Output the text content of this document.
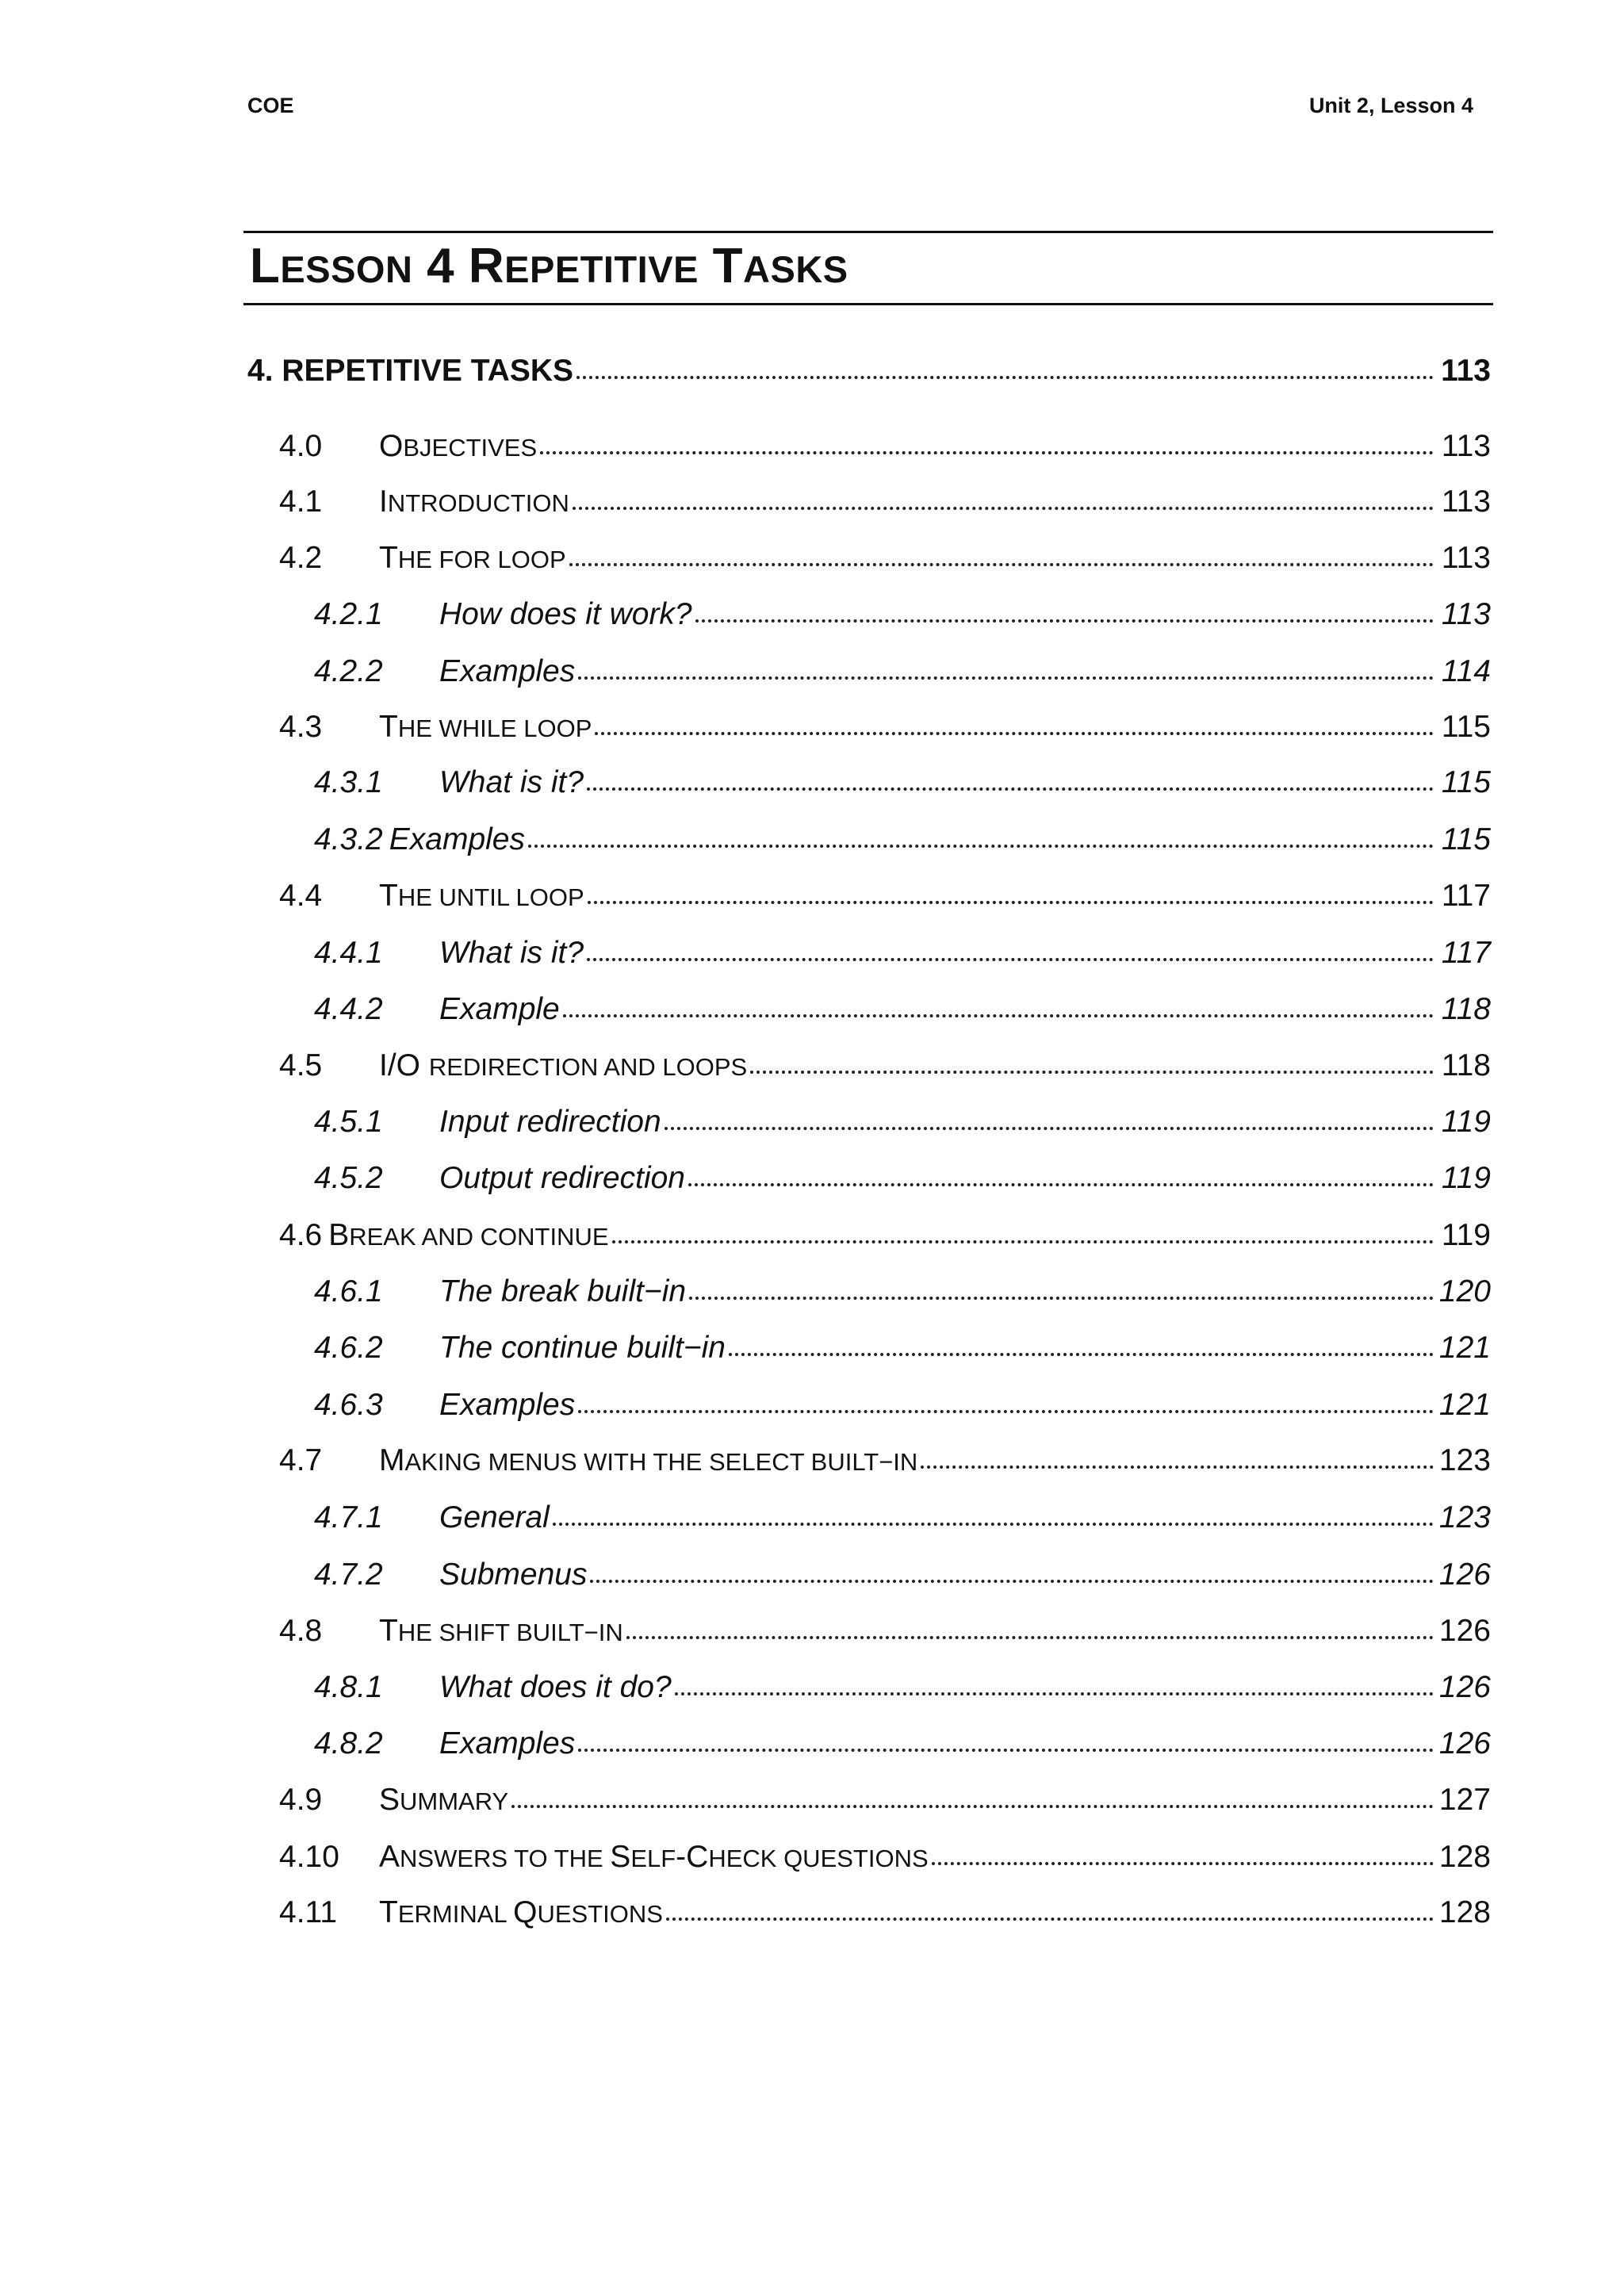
COE	Unit 2, Lesson 4
LESSON 4 REPETITIVE TASKS
4. REPETITIVE TASKS	113
4.0	OBJECTIVES	113
4.1	INTRODUCTION	113
4.2	THE FOR LOOP	113
4.2.1	How does it work?	113
4.2.2	Examples	114
4.3	THE WHILE LOOP	115
4.3.1	What is it?	115
4.3.2 Examples	115
4.4	THE UNTIL LOOP	117
4.4.1	What is it?	117
4.4.2	Example	118
4.5	I/O REDIRECTION AND LOOPS	118
4.5.1	Input redirection	119
4.5.2	Output redirection	119
4.6 BREAK AND CONTINUE	119
4.6.1	The break built−in	120
4.6.2	The continue built−in	121
4.6.3	Examples	121
4.7	MAKING MENUS WITH THE SELECT BUILT−IN	123
4.7.1	General	123
4.7.2	Submenus	126
4.8	THE SHIFT BUILT−IN	126
4.8.1	What does it do?	126
4.8.2	Examples	126
4.9	SUMMARY	127
4.10	ANSWERS TO THE SELF-CHECK QUESTIONS	128
4.11	TERMINAL QUESTIONS	128
